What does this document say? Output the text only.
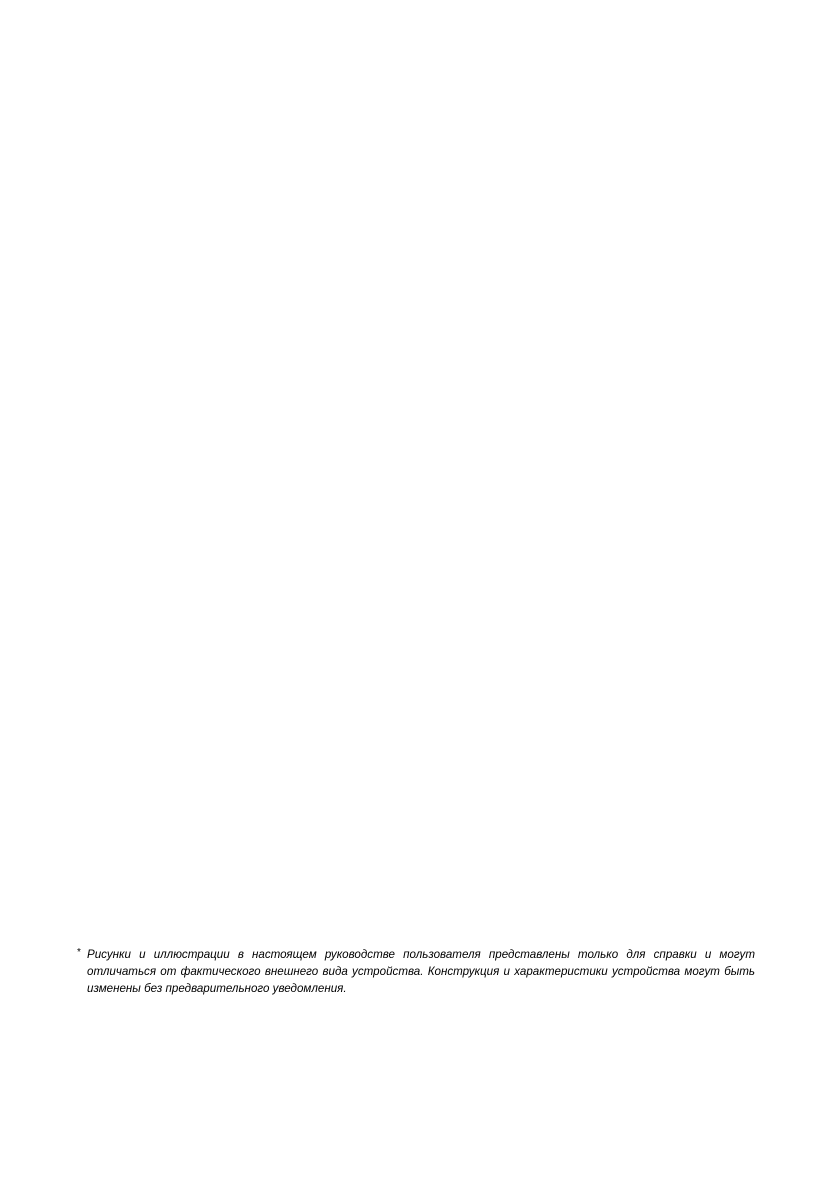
* Рисунки и иллюстрации в настоящем руководстве пользователя представлены только для справки и могут отличаться от фактического внешнего вида устройства. Конструкция и характеристики устройства могут быть изменены без предварительного уведомления.
